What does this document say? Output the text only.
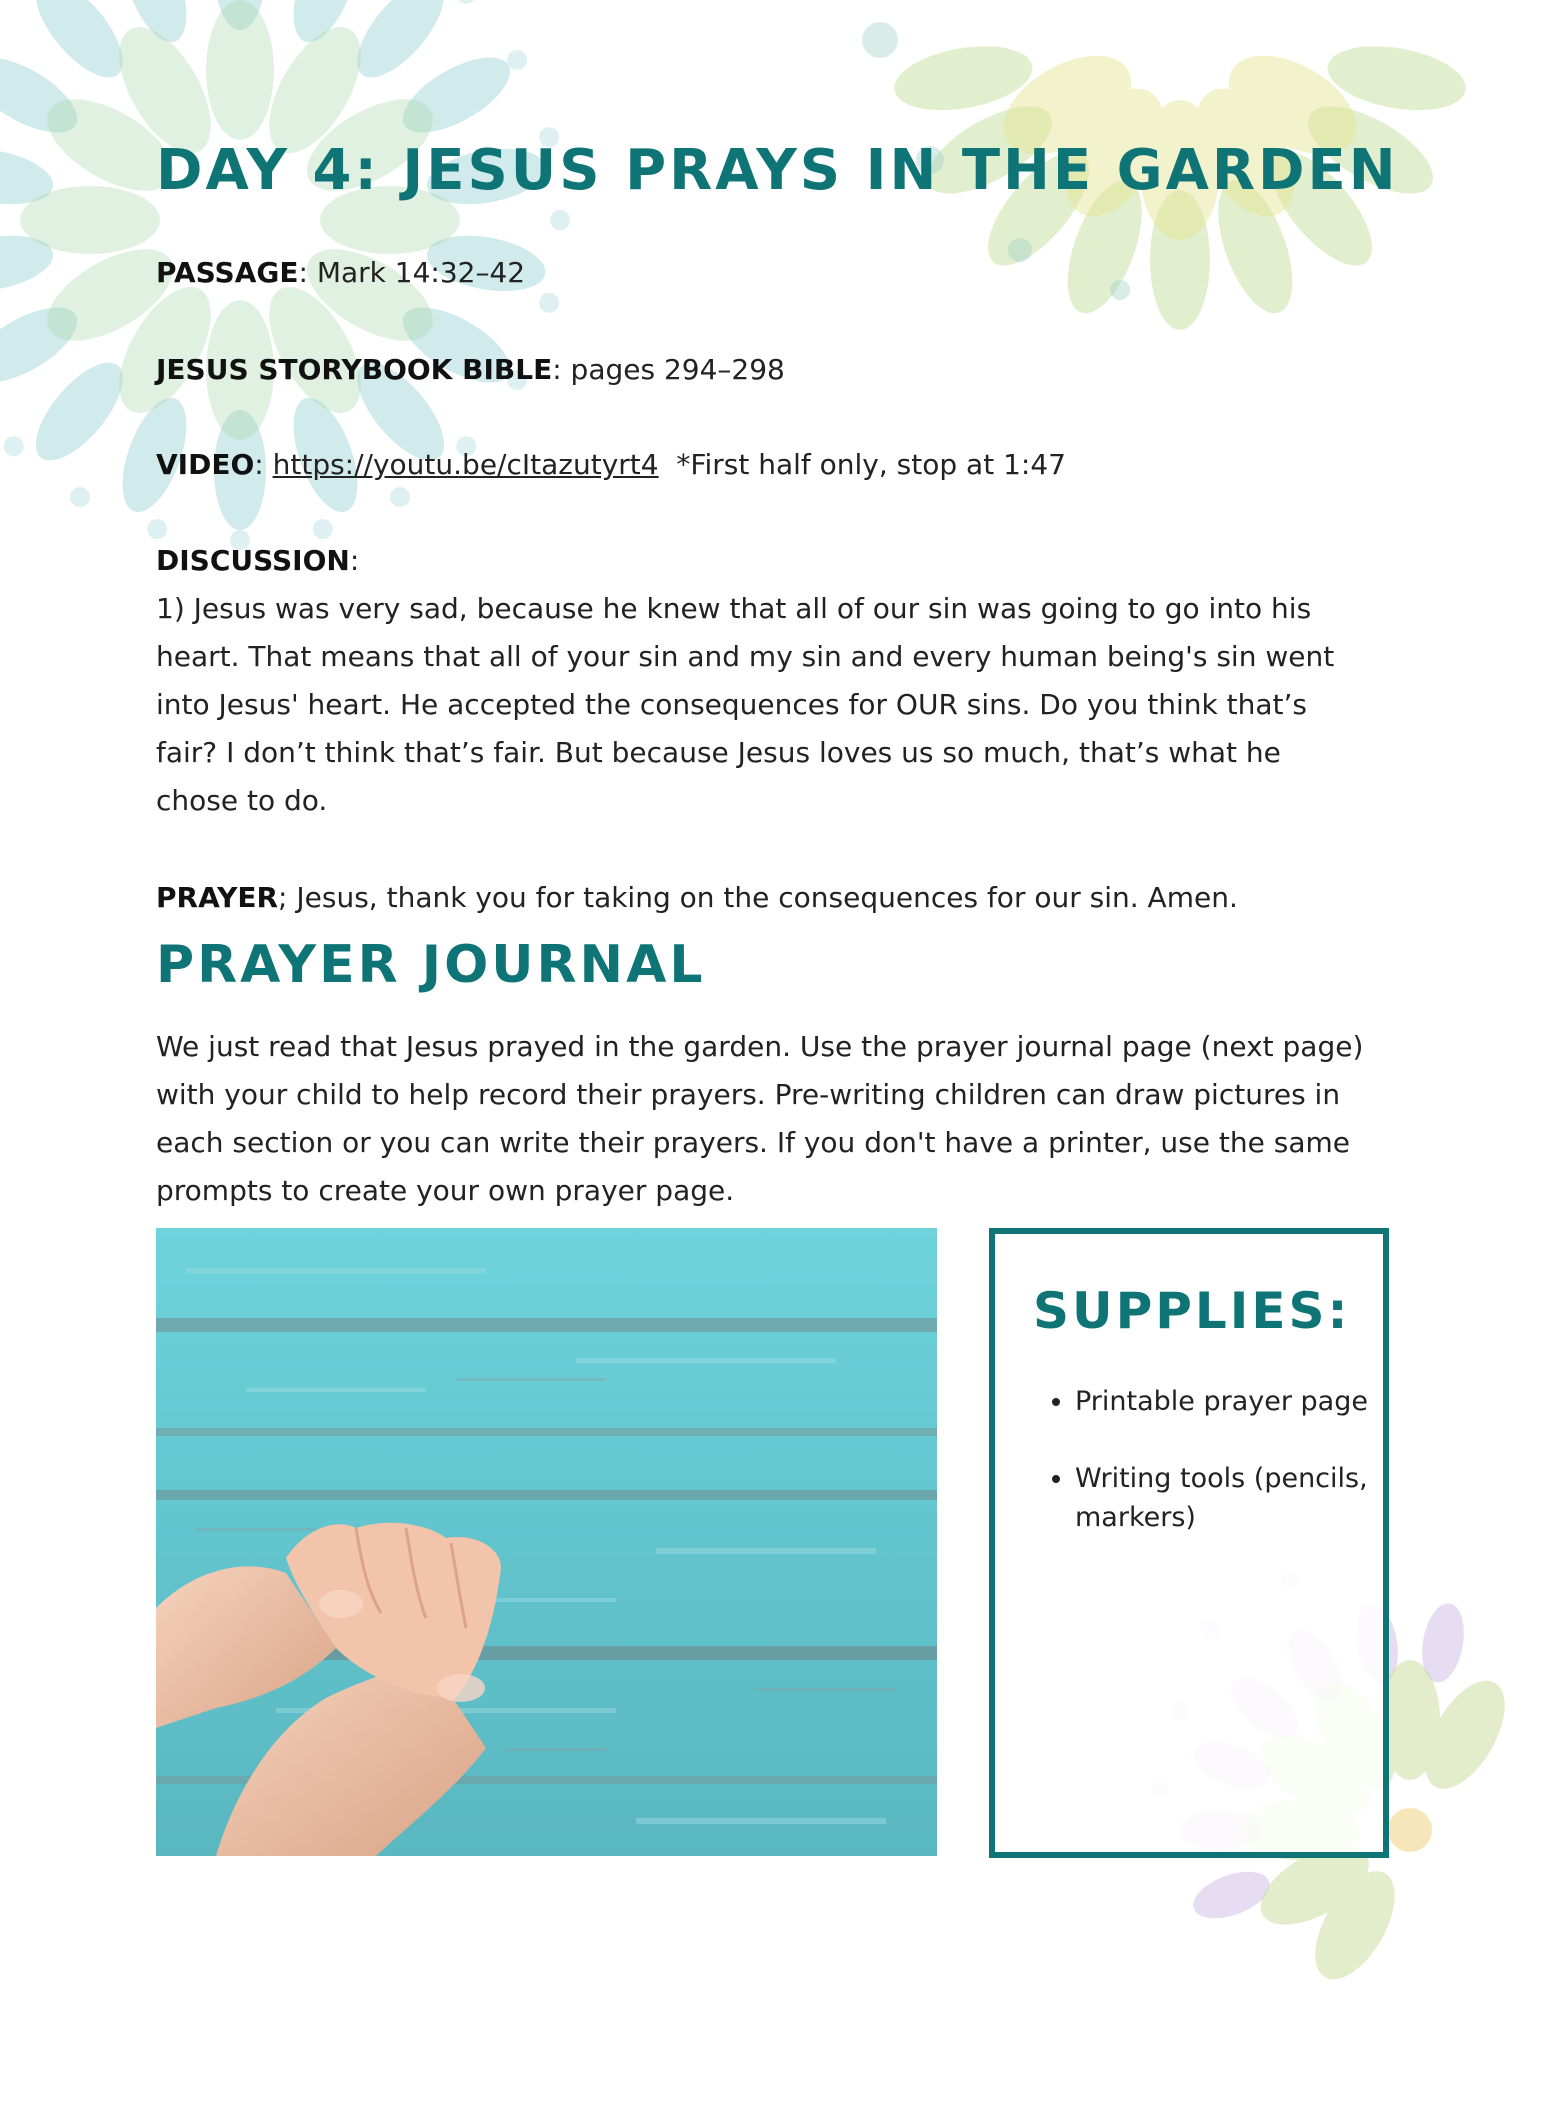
DAY 4: JESUS PRAYS IN THE GARDEN

PASSAGE: Mark 14:32–42

JESUS STORYBOOK BIBLE: pages 294–298

VIDEO: https://youtu.be/cItazutyrt4  *First half only, stop at 1:47

DISCUSSION:

1) Jesus was very sad, because he knew that all of our sin was going to go into his heart. That means that all of your sin and my sin and every human being's sin went into Jesus' heart. He accepted the consequences for OUR sins. Do you think that’s fair? I don’t think that’s fair. But because Jesus loves us so much, that’s what he chose to do.

PRAYER; Jesus, thank you for taking on the consequences for our sin. Amen.

PRAYER JOURNAL

We just read that Jesus prayed in the garden. Use the prayer journal page (next page) with your child to help record their prayers. Pre-writing children can draw pictures in each section or you can write their prayers. If you don't have a printer, use the same prompts to create your own prayer page.

SUPPLIES:
• Printable prayer page
• Writing tools (pencils, markers)
